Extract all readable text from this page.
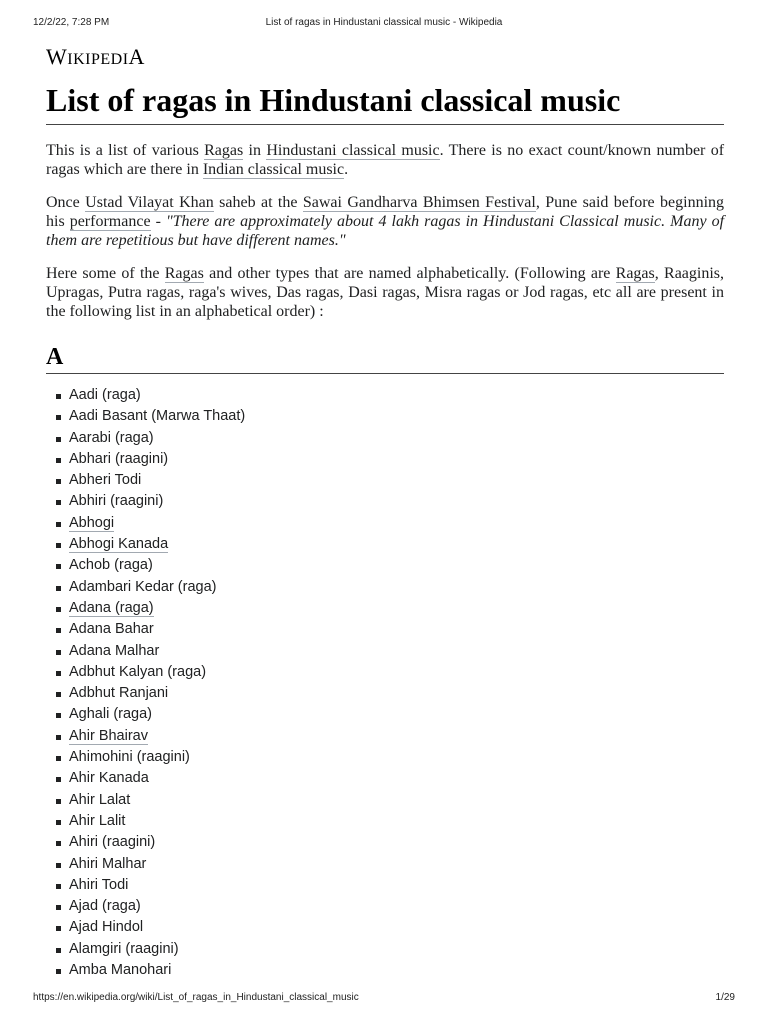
12/2/22, 7:28 PM	List of ragas in Hindustani classical music - Wikipedia
WIKIPEDIA
List of ragas in Hindustani classical music

This is a list of various Ragas in Hindustani classical music. There is no exact count/known number of ragas which are there in Indian classical music.

Once Ustad Vilayat Khan saheb at the Sawai Gandharva Bhimsen Festival, Pune said before beginning his performance - "There are approximately about 4 lakh ragas in Hindustani Classical music. Many of them are repetitious but have different names."

Here some of the Ragas and other types that are named alphabetically. (Following are Ragas, Raaginis, Upragas, Putra ragas, raga's wives, Das ragas, Dasi ragas, Misra ragas or Jod ragas, etc all are present in the following list in an alphabetical order) :

A
Aadi (raga)
Aadi Basant (Marwa Thaat)
Aarabi (raga)
Abhari (raagini)
Abheri Todi
Abhiri (raagini)
Abhogi
Abhogi Kanada
Achob (raga)
Adambari Kedar (raga)
Adana (raga)
Adana Bahar
Adana Malhar
Adbhut Kalyan (raga)
Adbhut Ranjani
Aghali (raga)
Ahir Bhairav
Ahimohini (raagini)
Ahir Kanada
Ahir Lalat
Ahir Lalit
Ahiri (raagini)
Ahiri Malhar
Ahiri Todi
Ajad (raga)
Ajad Hindol
Alamgiri (raagini)
Amba Manohari
https://en.wikipedia.org/wiki/List_of_ragas_in_Hindustani_classical_music	1/29
